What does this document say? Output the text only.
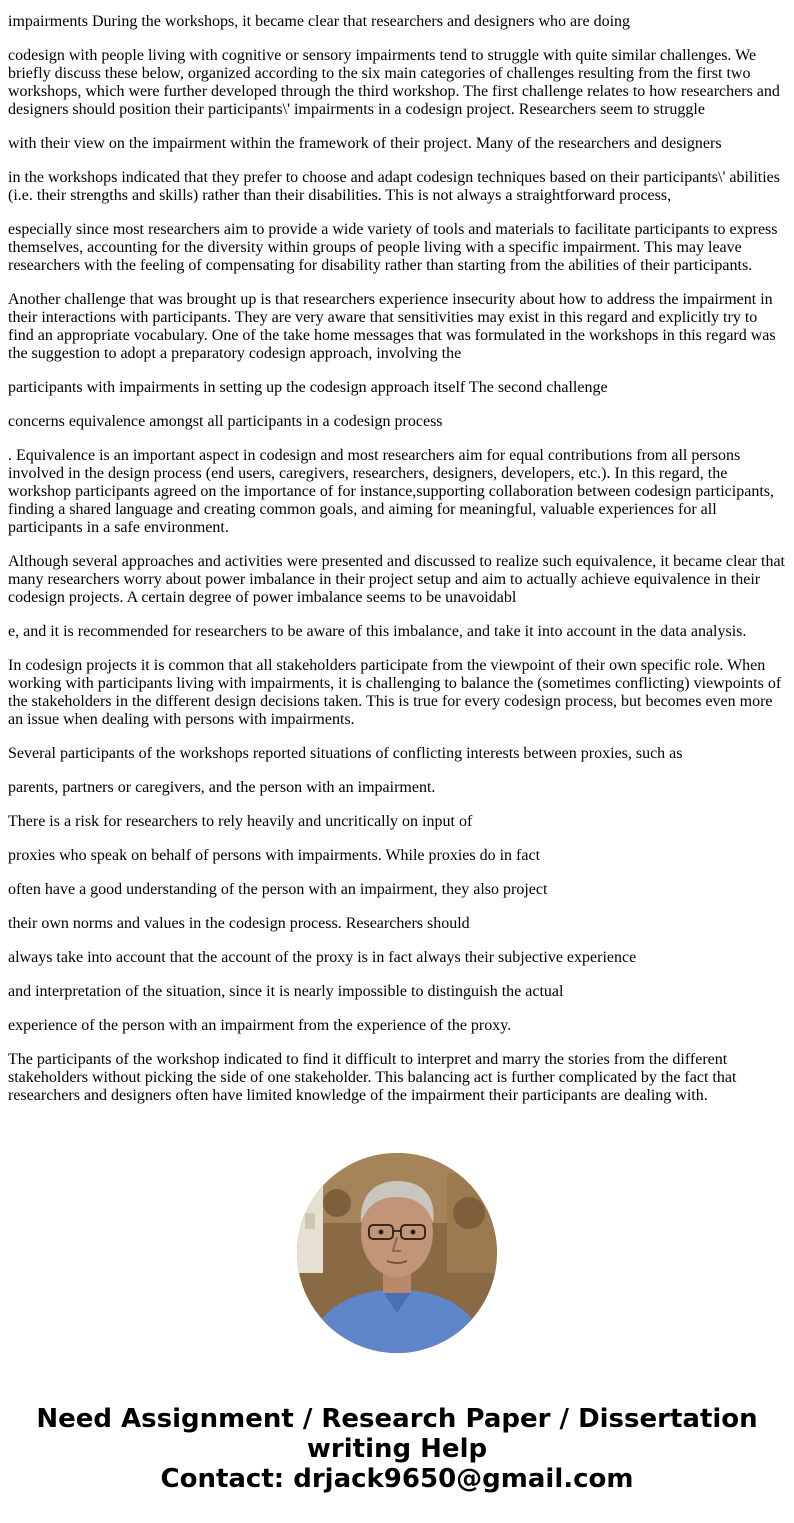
impairments During the workshops, it became clear that researchers and designers who are doing

codesign with people living with cognitive or sensory impairments tend to struggle with quite similar challenges. We briefly discuss these below, organized according to the six main categories of challenges resulting from the first two workshops, which were further developed through the third workshop. The first challenge relates to how researchers and designers should position their participants\' impairments in a codesign project. Researchers seem to struggle

with their view on the impairment within the framework of their project. Many of the researchers and designers

in the workshops indicated that they prefer to choose and adapt codesign techniques based on their participants\' abilities (i.e. their strengths and skills) rather than their disabilities. This is not always a straightforward process,

especially since most researchers aim to provide a wide variety of tools and materials to facilitate participants to express themselves, accounting for the diversity within groups of people living with a specific impairment. This may leave researchers with the feeling of compensating for disability rather than starting from the abilities of their participants.

Another challenge that was brought up is that researchers experience insecurity about how to address the impairment in their interactions with participants. They are very aware that sensitivities may exist in this regard and explicitly try to find an appropriate vocabulary. One of the take home messages that was formulated in the workshops in this regard was the suggestion to adopt a preparatory codesign approach, involving the

participants with impairments in setting up the codesign approach itself The second challenge

concerns equivalence amongst all participants in a codesign process

. Equivalence is an important aspect in codesign and most researchers aim for equal contributions from all persons involved in the design process (end users, caregivers, researchers, designers, developers, etc.). In this regard, the workshop participants agreed on the importance of for instance,supporting collaboration between codesign participants, finding a shared language and creating common goals, and aiming for meaningful, valuable experiences for all participants in a safe environment.

Although several approaches and activities were presented and discussed to realize such equivalence, it became clear that many researchers worry about power imbalance in their project setup and aim to actually achieve equivalence in their codesign projects. A certain degree of power imbalance seems to be unavoidabl

e, and it is recommended for researchers to be aware of this imbalance, and take it into account in the data analysis.

In codesign projects it is common that all stakeholders participate from the viewpoint of their own specific role. When working with participants living with impairments, it is challenging to balance the (sometimes conflicting) viewpoints of the stakeholders in the different design decisions taken. This is true for every codesign process, but becomes even more an issue when dealing with persons with impairments.

Several participants of the workshops reported situations of conflicting interests between proxies, such as

parents, partners or caregivers, and the person with an impairment.

There is a risk for researchers to rely heavily and uncritically on input of

proxies who speak on behalf of persons with impairments. While proxies do in fact

often have a good understanding of the person with an impairment, they also project

their own norms and values in the codesign process. Researchers should

always take into account that the account of the proxy is in fact always their subjective experience

and interpretation of the situation, since it is nearly impossible to distinguish the actual

experience of the person with an impairment from the experience of the proxy.

The participants of the workshop indicated to find it difficult to interpret and marry the stories from the different stakeholders without picking the side of one stakeholder. This balancing act is further complicated by the fact that researchers and designers often have limited knowledge of the impairment their participants are dealing with.

Need Assignment / Research Paper / Dissertation
writing Help
Contact: drjack9650@gmail.com
